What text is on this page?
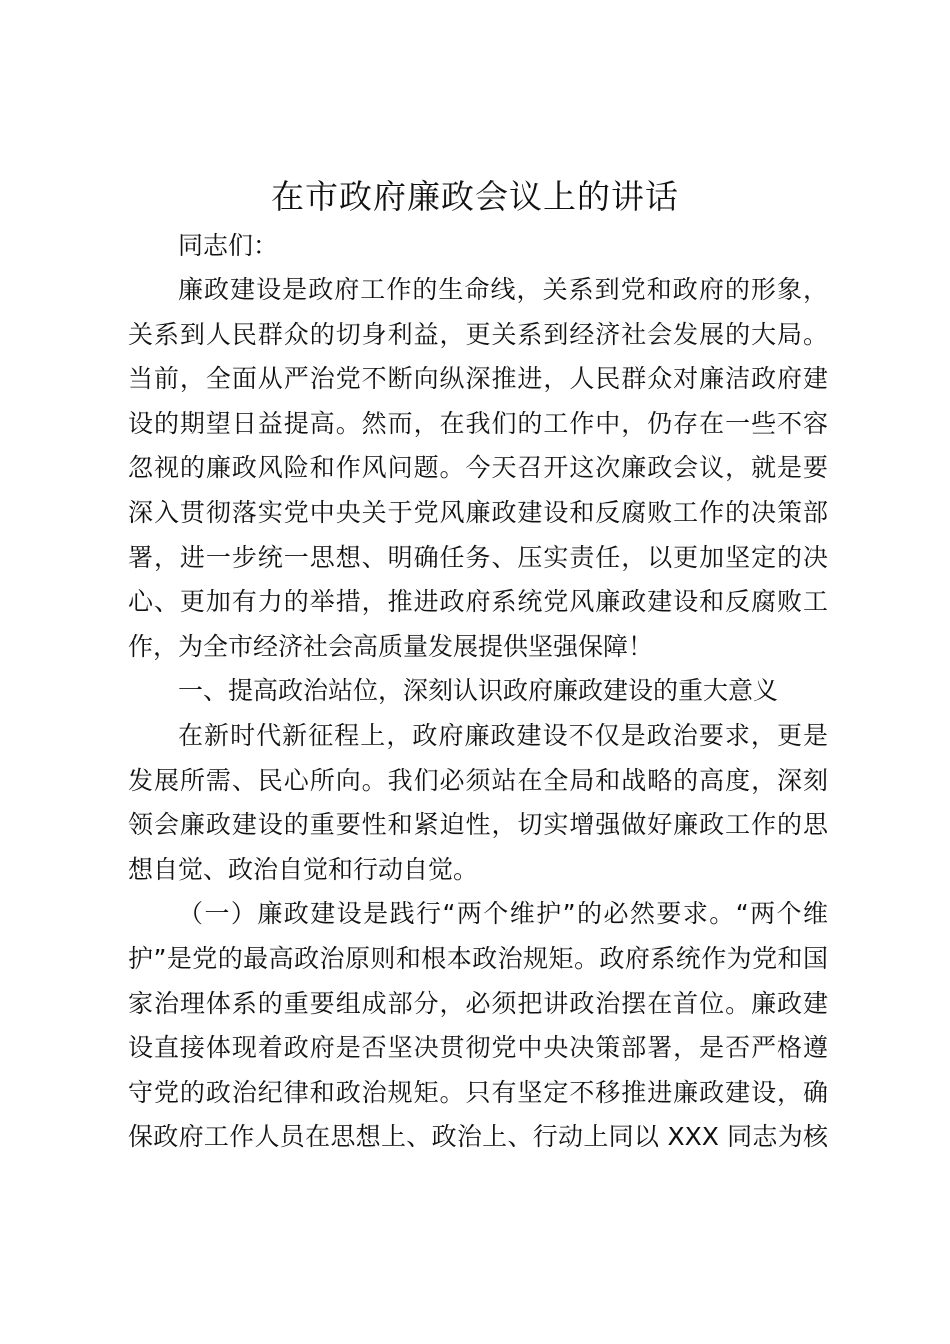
在市政府廉政会议上的讲话
同志们：
廉政建设是政府工作的生命线，关系到党和政府的形象，
关系到人民群众的切身利益，更关系到经济社会发展的大局。
当前，全面从严治党不断向纵深推进，人民群众对廉洁政府建
设的期望日益提高。然而，在我们的工作中，仍存在一些不容
忽视的廉政风险和作风问题。今天召开这次廉政会议，就是要
深入贯彻落实党中央关于党风廉政建设和反腐败工作的决策部
署，进一步统一思想、明确任务、压实责任，以更加坚定的决
心、更加有力的举措，推进政府系统党风廉政建设和反腐败工
作，为全市经济社会高质量发展提供坚强保障！
一、提高政治站位，深刻认识政府廉政建设的重大意义
在新时代新征程上，政府廉政建设不仅是政治要求，更是
发展所需、民心所向。我们必须站在全局和战略的高度，深刻
领会廉政建设的重要性和紧迫性，切实增强做好廉政工作的思
想自觉、政治自觉和行动自觉。
（一）廉政建设是践行“两个维护”的必然要求。“两个维
护”是党的最高政治原则和根本政治规矩。政府系统作为党和国
家治理体系的重要组成部分，必须把讲政治摆在首位。廉政建
设直接体现着政府是否坚决贯彻党中央决策部署，是否严格遵
守党的政治纪律和政治规矩。只有坚定不移推进廉政建设，确
保政府工作人员在思想上、政治上、行动上同以 XXX 同志为核
